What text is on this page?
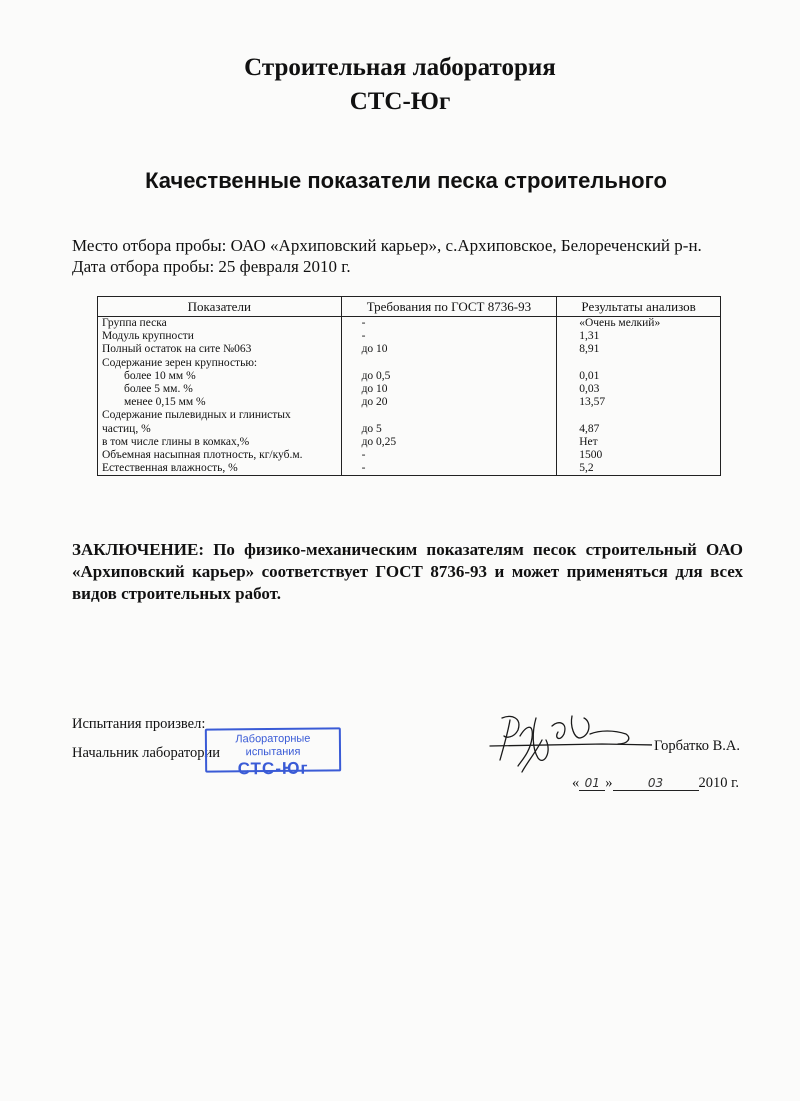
Строительная лаборатория
СТС-Юг
Качественные показатели песка строительного
Место отбора пробы: ОАО «Архиповский карьер», с.Архиповское, Белореченский р-н.
Дата отбора пробы: 25 февраля 2010 г.
Показатели	Требования по ГОСТ 8736-93	Результаты анализов
Группа песка	-	«Очень мелкий»
Модуль крупности	-	1,31
Полный остаток на сите №063	до 10	8,91
Содержание зерен крупностью:		
более 10 мм %	до 0,5	0,01
более 5 мм. %	до 10	0,03
менее 0,15 мм %	до 20	13,57
Содержание пылевидных и глинистых		
частиц, %	до 5	4,87
в том числе глины в комках,%	до 0,25	Нет
Объемная насыпная плотность, кг/куб.м.	-	1500
Естественная влажность, %	-	5,2
ЗАКЛЮЧЕНИЕ: По физико-механическим показателям песок строительный ОАО «Архиповский карьер» соответствует ГОСТ 8736-93 и может применяться для всех видов строительных работ.
Испытания произвел:
Начальник лаборатории
Лабораторные испытания
СТС-Юг
Горбатко В.А.
« 01 »	03 2010 г.
